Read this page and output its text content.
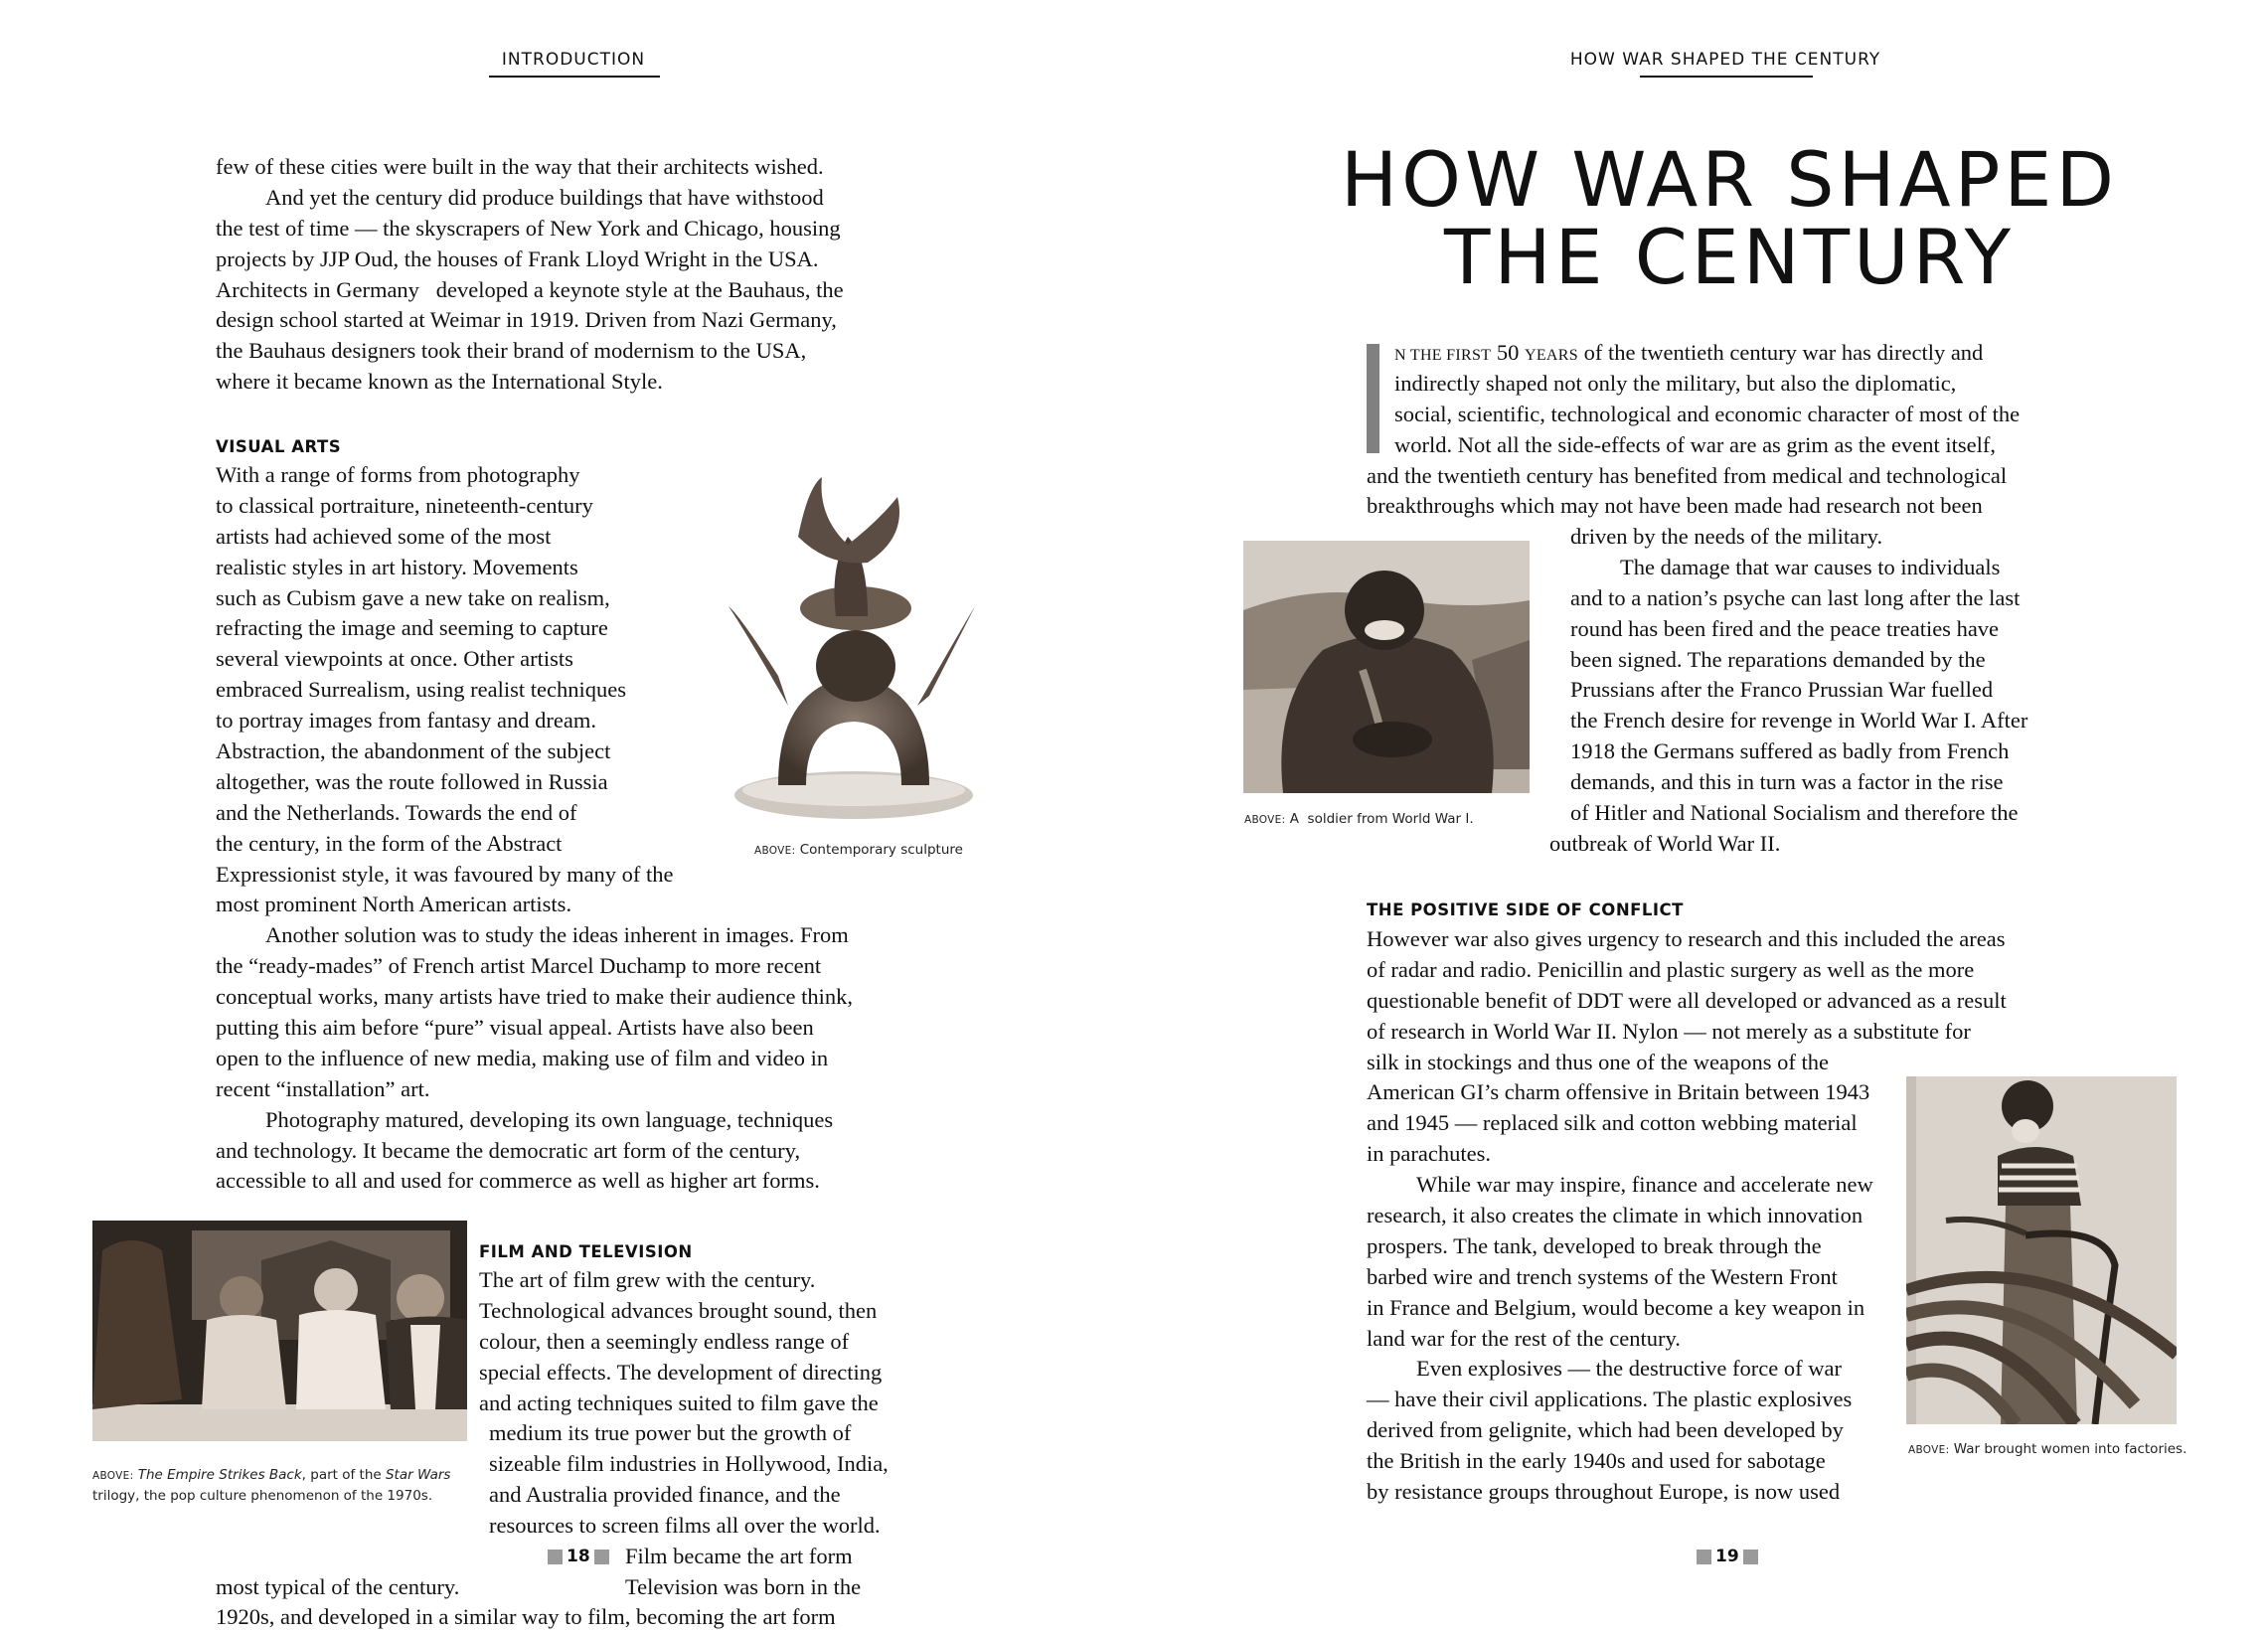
INTRODUCTION
few of these cities were built in the way that their architects wished.
And yet the century did produce buildings that have withstood
the test of time — the skyscrapers of New York and Chicago, housing
projects by JJP Oud, the houses of Frank Lloyd Wright in the USA.
Architects in Germany   developed a keynote style at the Bauhaus, the
design school started at Weimar in 1919. Driven from Nazi Germany,
the Bauhaus designers took their brand of modernism to the USA,
where it became known as the International Style.
VISUAL ARTS
With a range of forms from photography
to classical portraiture, nineteenth-century
artists had achieved some of the most
realistic styles in art history. Movements
such as Cubism gave a new take on realism,
refracting the image and seeming to capture
several viewpoints at once. Other artists
embraced Surrealism, using realist techniques
to portray images from fantasy and dream.
Abstraction, the abandonment of the subject
altogether, was the route followed in Russia
and the Netherlands. Towards the end of
the century, in the form of the Abstract
Expressionist style, it was favoured by many of the
most prominent North American artists.
Another solution was to study the ideas inherent in images. From
the “ready-mades” of French artist Marcel Duchamp to more recent
conceptual works, many artists have tried to make their audience think,
putting this aim before “pure” visual appeal. Artists have also been
open to the influence of new media, making use of film and video in
recent “installation” art.
Photography matured, developing its own language, techniques
and technology. It became the democratic art form of the century,
accessible to all and used for commerce as well as higher art forms.
ABOVE: Contemporary sculpture
ABOVE: The Empire Strikes Back, part of the Star Wars
trilogy, the pop culture phenomenon of the 1970s.
FILM AND TELEVISION
The art of film grew with the century.
Technological advances brought sound, then
colour, then a seemingly endless range of
special effects. The development of directing
and acting techniques suited to film gave the
medium its true power but the growth of
sizeable film industries in Hollywood, India,
and Australia provided finance, and the
resources to screen films all over the world.
Film became the art form
most typical of the century.	Television was born in the
1920s, and developed in a similar way to film, becoming the art form
18
HOW WAR SHAPED THE CENTURY
HOW WAR SHAPED
THE CENTURY
N THE FIRST 50 YEARS of the twentieth century war has directly and
indirectly shaped not only the military, but also the diplomatic,
social, scientific, technological and economic character of most of the
world. Not all the side-effects of war are as grim as the event itself,
and the twentieth century has benefited from medical and technological
breakthroughs which may not have been made had research not been
driven by the needs of the military.
The damage that war causes to individuals
and to a nation’s psyche can last long after the last
round has been fired and the peace treaties have
been signed. The reparations demanded by the
Prussians after the Franco Prussian War fuelled
the French desire for revenge in World War I. After
1918 the Germans suffered as badly from French
demands, and this in turn was a factor in the rise
of Hitler and National Socialism and therefore the
outbreak of World War II.
ABOVE: A  soldier from World War I.
THE POSITIVE SIDE OF CONFLICT
However war also gives urgency to research and this included the areas
of radar and radio. Penicillin and plastic surgery as well as the more
questionable benefit of DDT were all developed or advanced as a result
of research in World War II. Nylon — not merely as a substitute for
silk in stockings and thus one of the weapons of the
American GI’s charm offensive in Britain between 1943
and 1945 — replaced silk and cotton webbing material
in parachutes.
While war may inspire, finance and accelerate new
research, it also creates the climate in which innovation
prospers. The tank, developed to break through the
barbed wire and trench systems of the Western Front
in France and Belgium, would become a key weapon in
land war for the rest of the century.
Even explosives — the destructive force of war
— have their civil applications. The plastic explosives
derived from gelignite, which had been developed by
the British in the early 1940s and used for sabotage
by resistance groups throughout Europe, is now used
ABOVE: War brought women into factories.
19
